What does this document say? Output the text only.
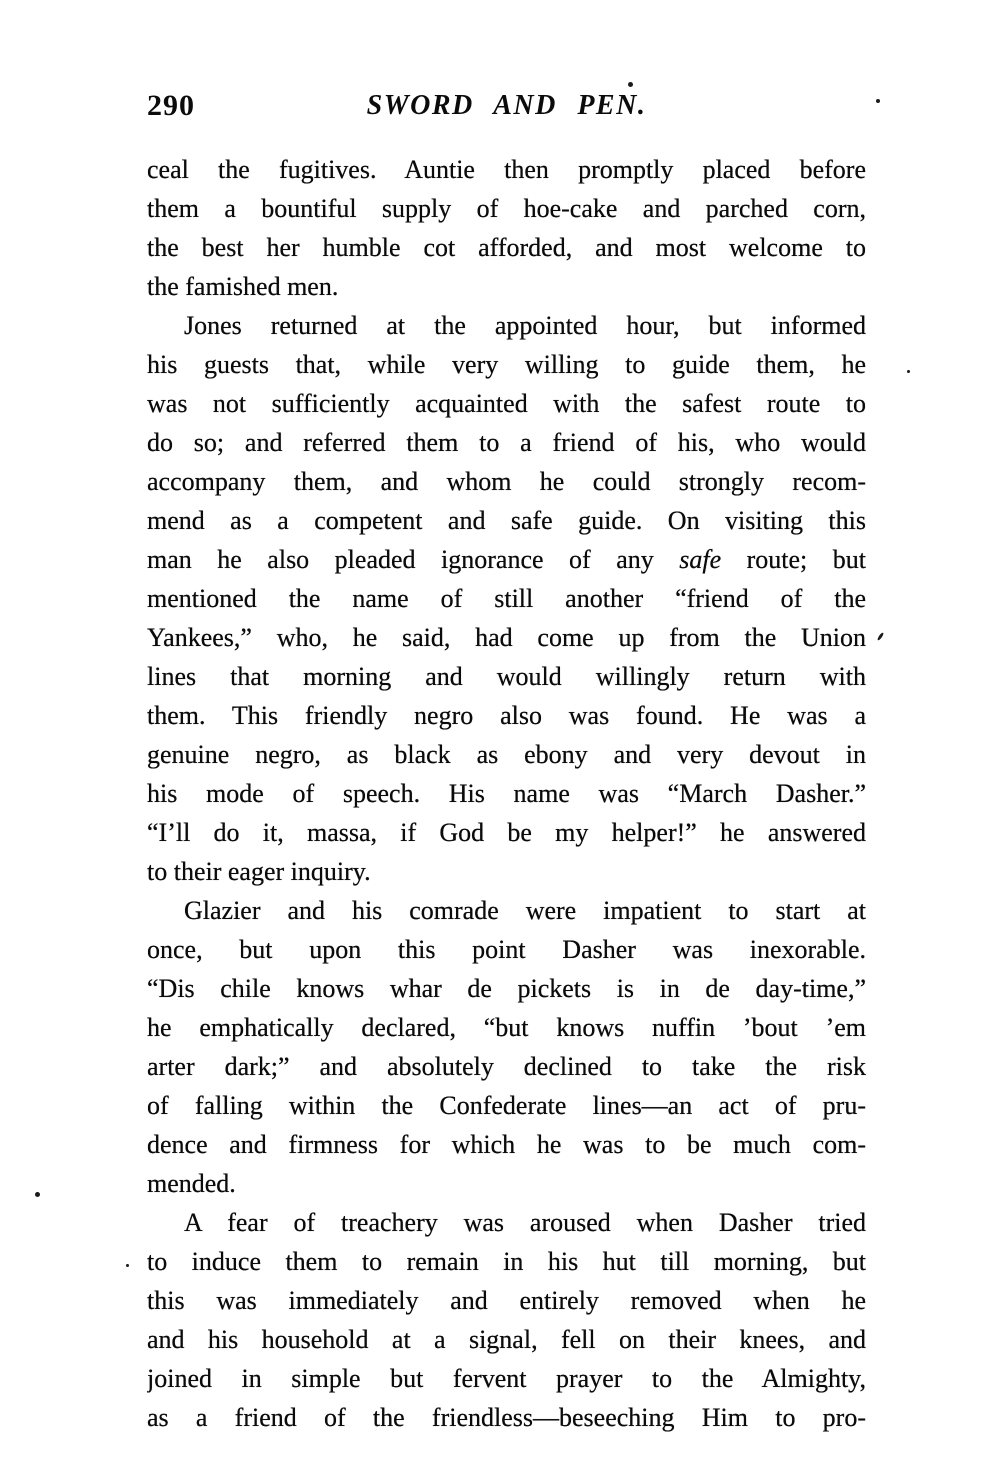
290	SWORD AND PEN.
ceal the fugitives. Auntie then promptly placed before
them a bountiful supply of hoe-cake and parched corn,
the best her humble cot afforded, and most welcome to
the famished men.
Jones returned at the appointed hour, but informed
his guests that, while very willing to guide them, he
was not sufficiently acquainted with the safest route to
do so; and referred them to a friend of his, who would
accompany them, and whom he could strongly recom-
mend as a competent and safe guide. On visiting this
man he also pleaded ignorance of any safe route; but
mentioned the name of still another “friend of the
Yankees,” who, he said, had come up from the Union
lines that morning and would willingly return with
them. This friendly negro also was found. He was a
genuine negro, as black as ebony and very devout in
his mode of speech. His name was “March Dasher.”
“I’ll do it, massa, if God be my helper!” he answered
to their eager inquiry.
Glazier and his comrade were impatient to start at
once, but upon this point Dasher was inexorable.
“Dis chile knows whar de pickets is in de day-time,”
he emphatically declared, “but knows nuffin ’bout ’em
arter dark;” and absolutely declined to take the risk
of falling within the Confederate lines—an act of pru-
dence and firmness for which he was to be much com-
mended.
A fear of treachery was aroused when Dasher tried
to induce them to remain in his hut till morning, but
this was immediately and entirely removed when he
and his household at a signal, fell on their knees, and
joined in simple but fervent prayer to the Almighty,
as a friend of the friendless—beseeching Him to pro-
